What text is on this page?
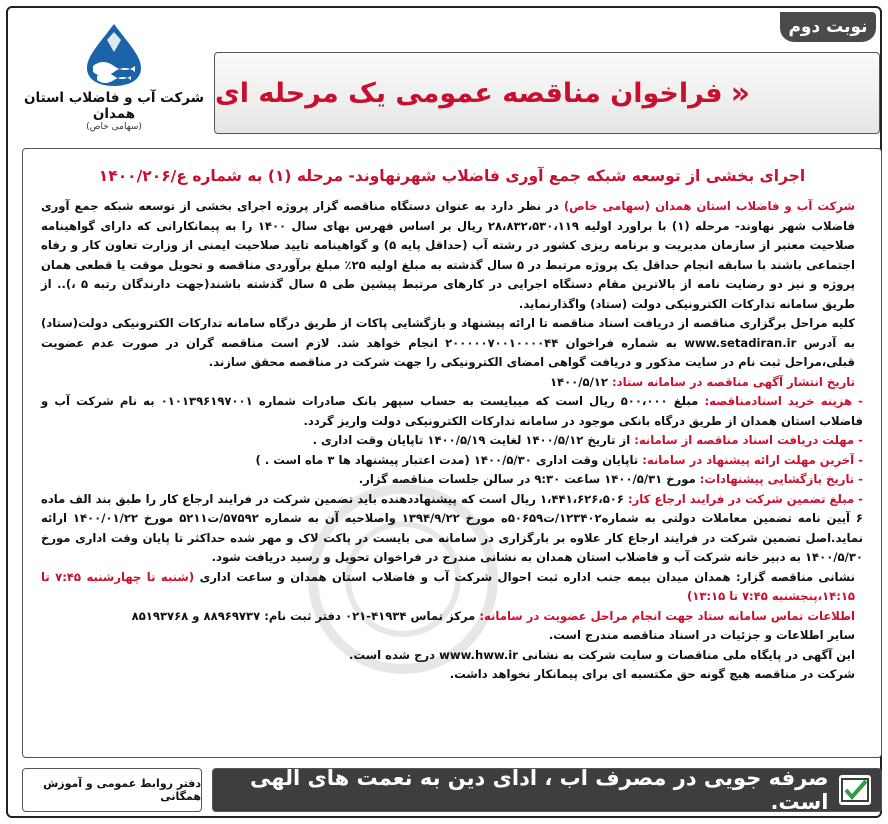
نوبت دوم
شرکت آب و فاضلاب استان همدان
(سهامی خاص)
«
فراخوان مناقصه عمومی یک مرحله ای
اجرای بخشی از توسعه شبکه جمع آوری فاضلاب شهرنهاوند- مرحله (۱) به شماره ع/۱۴۰۰/۲۰۶

شرکت آب و فاضلاب استان همدان (سهامی خاص) در نظر دارد به عنوان دستگاه مناقصه گزار پروژه اجرای بخشی از توسعه شبکه جمع آوری فاضلاب شهر نهاوند- مرحله (۱) با براورد اولیه ۲۸،۸۳۲،۵۳۰،۱۱۹ ریال بر اساس فهرس بهای سال ۱۴۰۰ را به پیمانکارانی که دارای گواهینامه صلاحیت معتبر از سازمان مدیریت و برنامه ریزی کشور در رشته آب (حداقل پایه ۵) و گواهینامه تایید صلاحیت ایمنی از وزارت تعاون کار و رفاه اجتماعی باشند با سابقه انجام حداقل یک پروژه مرتبط در ۵ سال گذشته به مبلغ اولیه ۲۵٪ مبلغ برآوردی مناقصه و تحویل موقت یا قطعی همان پروژه و نیز دو رضایت نامه از بالاترین مقام دستگاه اجرایی در کارهای مرتبط پیشین طی ۵ سال گذشته باشند(جهت دارندگان رتبه ۵ ،).. از طریق سامانه تدارکات الکترونیکی دولت (ستاد) واگذارنماید.

کلیه مراحل برگزاری مناقصه از دریافت اسناد مناقصه تا ارائه پیشنهاد و بازگشایی پاکات از طریق درگاه سامانه تدارکات الکترونیکی دولت(ستاد) به آدرس www.setadiran.ir به شماره فراخوان ۲۰۰۰۰۰۷۰۰۱۰۰۰۰۴۴ انجام خواهد شد. لازم است مناقصه گران در صورت عدم عضویت قبلی،مراحل ثبت نام در سایت مذکور و دریافت گواهی امضای الکترونیکی را جهت شرکت در مناقصه محقق سازند.

تاریخ انتشار آگهی مناقصه در سامانه ستاد: ۱۴۰۰/۵/۱۲

- هزینه خرید اسنادمناقصه: مبلغ ۵۰۰،۰۰۰ ریال است که میبایست به حساب سپهر بانک صادرات شماره ۰۱۰۱۳۹۶۱۹۷۰۰۱ به نام شرکت آب و فاضلاب استان همدان از طریق درگاه بانکی موجود در سامانه تدارکات الکترونیکی دولت واریز گردد.

- مهلت دریافت اسناد مناقصه از سامانه: از تاریخ ۱۴۰۰/۵/۱۲ لغایت ۱۴۰۰/۵/۱۹ تاپایان وقت اداری .

- آخرین مهلت ارائه پیشنهاد در سامانه: تاپایان وقت اداری ۱۴۰۰/۵/۳۰ (مدت اعتبار پیشنهاد ها ۳ ماه است . )

- تاریخ بازگشایی پیشنهادات: مورخ ۱۴۰۰/۵/۳۱ ساعت ۹:۳۰ در سالن جلسات مناقصه گزار.

- مبلغ تضمین شرکت در فرایند ارجاع کار: ۱،۴۴۱،۶۲۶،۵۰۶ ریال است که پیشنهاددهنده باید تضمین شرکت در فرایند ارجاع کار را طبق بند الف ماده ۶ آیین نامه تضمین معاملات دولتی به شماره۱۲۳۴۰۲/ت۵۰۶۵۹ه مورخ ۱۳۹۴/۹/۲۲ واصلاحیه آن به شماره ۵۷۵۹۲/ت۵۲۱۱ مورخ ۱۴۰۰/۰۱/۲۲ ارائه نماید.اصل تضمین شرکت در فرایند ارجاع کار علاوه بر بارگزاری در سامانه می بایست در پاکت لاک و مهر شده حداکثر تا پایان وقت اداری مورخ ۱۴۰۰/۵/۳۰ به دبیر خانه شرکت آب و فاضلاب استان همدان به نشانی مندرج در فراخوان تحویل و رسید دریافت شود.

نشانی مناقصه گزار: همدان میدان بیمه جنب اداره ثبت احوال شرکت آب و فاضلاب استان همدان و ساعت اداری (شنبه تا چهارشنبه ۷:۴۵ تا ۱۴:۱۵،پنجشنبه ۷:۴۵ تا ۱۳:۱۵)

اطلاعات تماس سامانه ستاد جهت انجام مراحل عضویت در سامانه: مرکز تماس ۴۱۹۳۴-۰۲۱ دفتر ثبت نام: ۸۸۹۶۹۷۳۷ و ۸۵۱۹۳۷۶۸

سایر اطلاعات و جزئیات در اسناد مناقصه مندرج است.

این آگهی در پایگاه ملی مناقصات و سایت شرکت به نشانی www.hww.ir درج شده است.

شرکت در مناقصه هیچ گونه حق مکتسبه ای برای پیمانکار نخواهد داشت.

دفتر روابط عمومی و آموزش همگانی
صرفه جویی در مصرف آب ، ادای دین به نعمت های الهی است.
